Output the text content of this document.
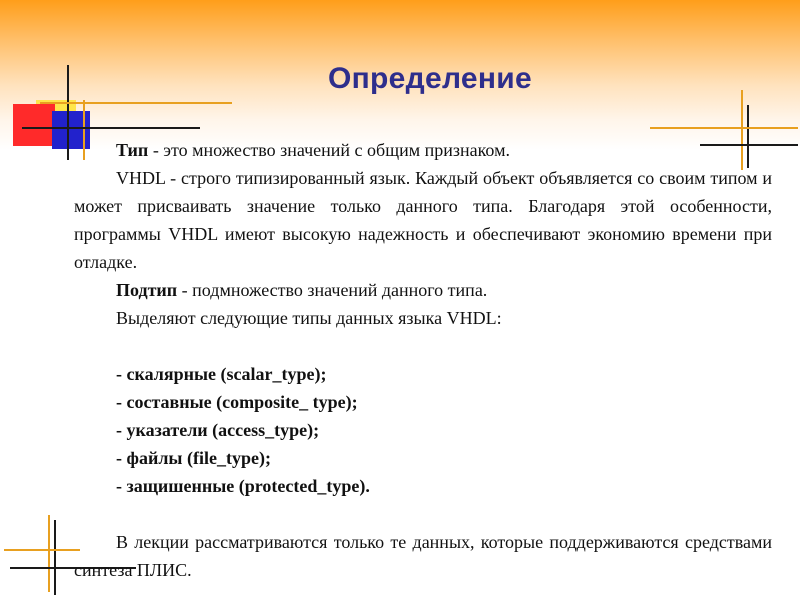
Определение

Тип - это множество значений с общим признаком.

VHDL - строго типизированный язык. Каждый объект объявляется со своим типом и может присваивать значение только данного типа. Благодаря этой особенности, программы VHDL имеют высокую надежность и обеспечивают экономию времени при отладке.

Подтип - подмножество значений данного типа.

Выделяют следующие типы данных языка VHDL:

- скалярные (scalar_type);

- составные (composite_ type);

- указатели (access_type);

- файлы (file_type);

- защишенные (protected_type).

В лекции рассматриваются только те данных, которые поддерживаются средствами синтеза ПЛИС.
